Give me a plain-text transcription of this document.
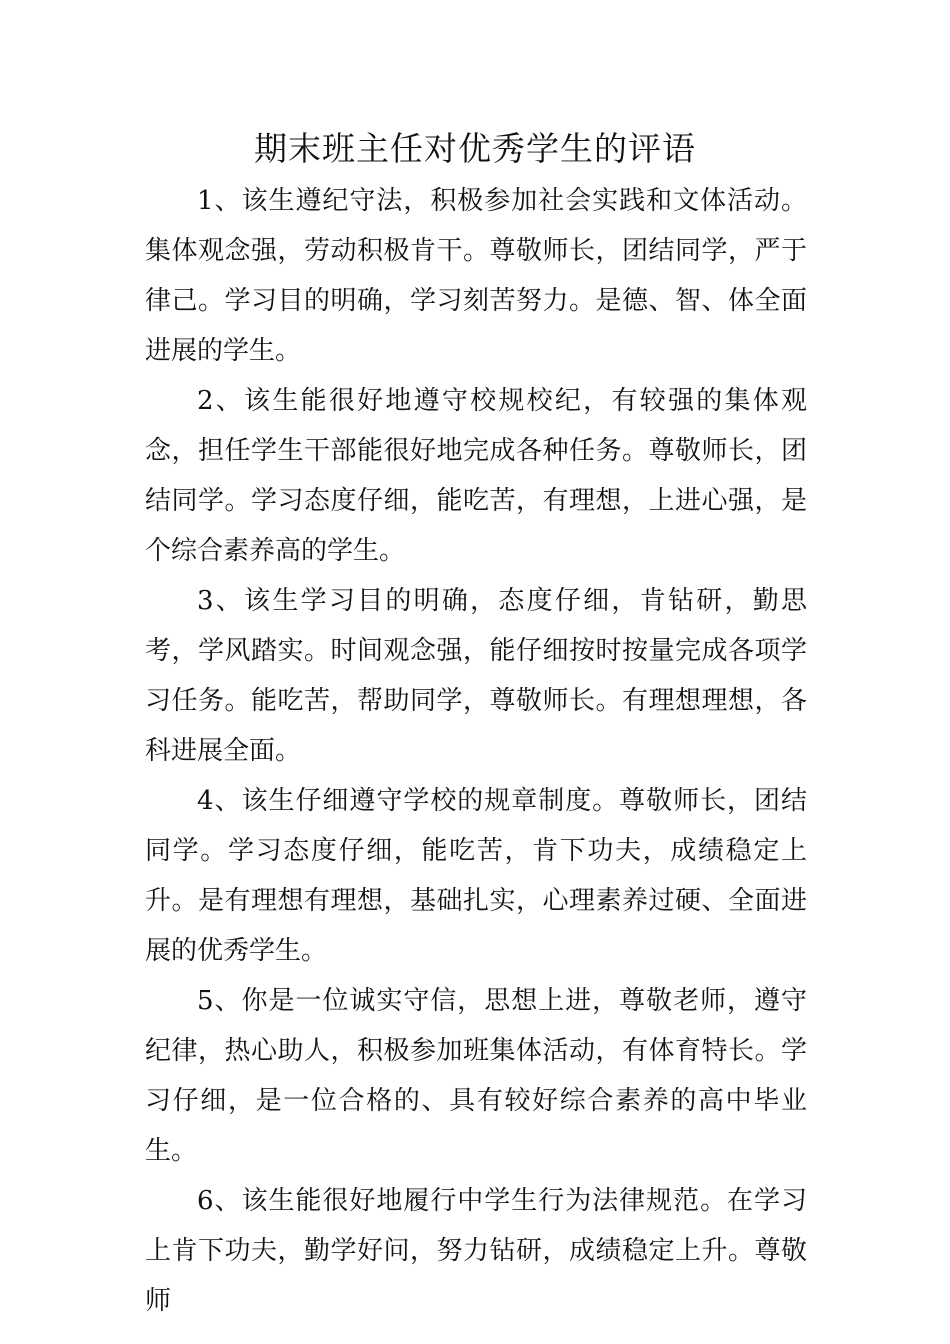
期末班主任对优秀学生的评语

1、该生遵纪守法，积极参加社会实践和文体活动。集体观念强，劳动积极肯干。尊敬师长，团结同学，严于律己。学习目的明确，学习刻苦努力。是德、智、体全面进展的学生。

2、该生能很好地遵守校规校纪，有较强的集体观念，担任学生干部能很好地完成各种任务。尊敬师长，团结同学。学习态度仔细，能吃苦，有理想，上进心强，是个综合素养高的学生。

3、该生学习目的明确，态度仔细，肯钻研，勤思考，学风踏实。时间观念强，能仔细按时按量完成各项学习任务。能吃苦，帮助同学，尊敬师长。有理想理想，各科进展全面。

4、该生仔细遵守学校的规章制度。尊敬师长，团结同学。学习态度仔细，能吃苦，肯下功夫，成绩稳定上升。是有理想有理想，基础扎实，心理素养过硬、全面进展的优秀学生。

5、你是一位诚实守信，思想上进，尊敬老师，遵守纪律，热心助人，积极参加班集体活动，有体育特长。学习仔细，是一位合格的、具有较好综合素养的高中毕业生。

6、该生能很好地履行中学生行为法律规范。在学习上肯下功夫，勤学好问，努力钻研，成绩稳定上升。尊敬师
